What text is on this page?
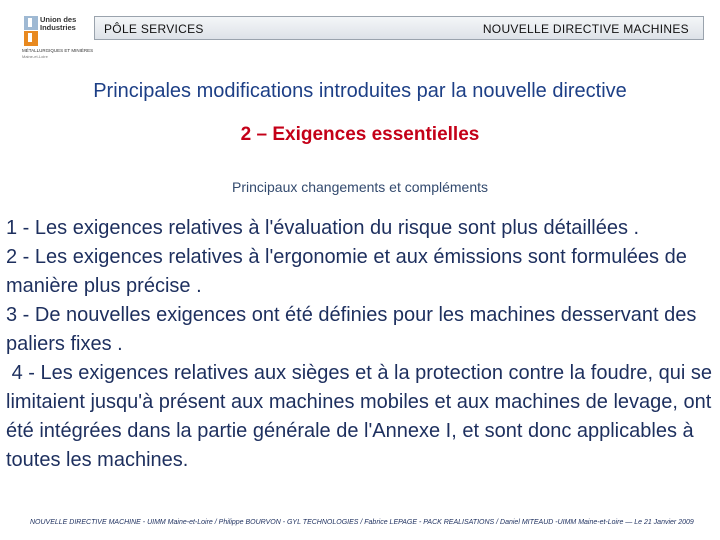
Union des
Industries
MÉTALLURGIQUES ET MINIÈRES
Maine-et-Loire
PÔLE SERVICES	NOUVELLE DIRECTIVE MACHINES
Principales modifications introduites par la nouvelle directive
2 – Exigences essentielles
Principaux changements et compléments

1 - Les exigences relatives à l'évaluation du risque sont plus détaillées .

2 - Les exigences relatives à l'ergonomie et aux émissions sont formulées de manière plus précise .

3 - De nouvelles exigences ont été définies pour les machines desservant des paliers fixes .

4 - Les exigences relatives aux sièges et à la protection contre la foudre, qui se limitaient jusqu'à présent aux machines mobiles et aux machines de levage, ont été intégrées dans la partie générale de l'Annexe I, et sont donc applicables à toutes les machines.

NOUVELLE DIRECTIVE MACHINE - UIMM Maine-et-Loire / Philippe BOURVON - GYL TECHNOLOGIES / Fabrice LEPAGE - PACK REALISATIONS / Daniel MITEAUD -UIMM Maine-et-Loire — Le 21 Janvier 2009
